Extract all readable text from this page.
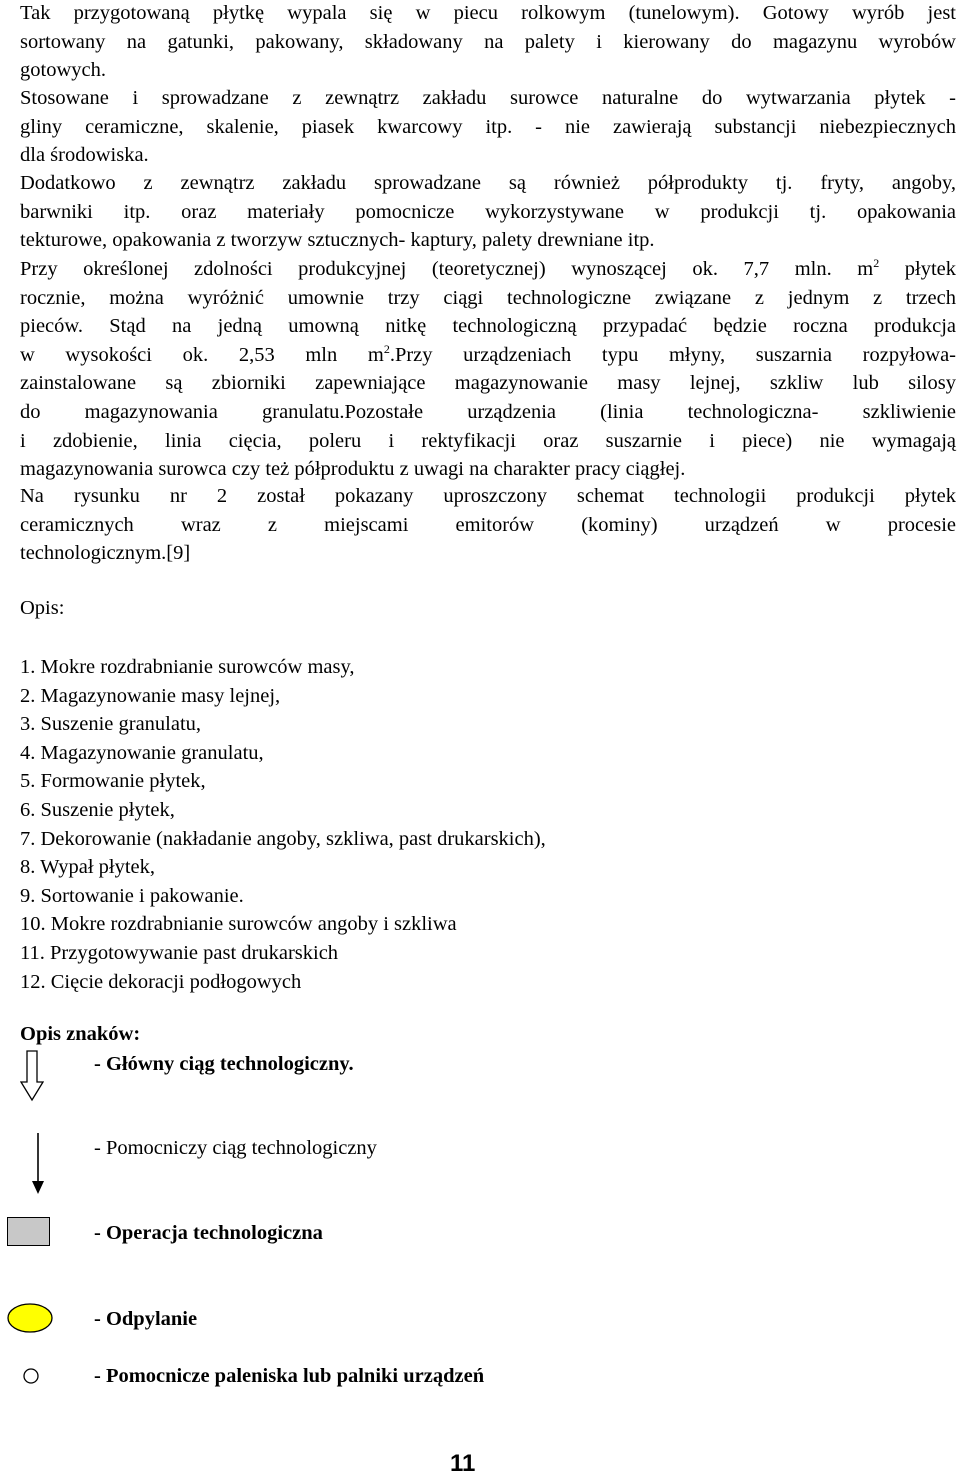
Tak przygotowaną płytkę wypala się w piecu rolkowym (tunelowym). Gotowy wyrób jest
sortowany na gatunki, pakowany, składowany na palety i kierowany do magazynu wyrobów
gotowych.

Stosowane i sprowadzane z zewnątrz zakładu surowce naturalne do wytwarzania płytek -
gliny ceramiczne, skalenie, piasek kwarcowy itp. - nie zawierają substancji niebezpiecznych
dla środowiska.

Dodatkowo z zewnątrz zakładu sprowadzane są również półprodukty tj. fryty, angoby,
barwniki itp. oraz materiały pomocnicze wykorzystywane w produkcji tj. opakowania
tekturowe, opakowania z tworzyw sztucznych- kaptury, palety drewniane itp.

Przy określonej zdolności produkcyjnej (teoretycznej) wynoszącej ok. 7,7 mln. $m^2$ płytek
rocznie, można wyróżnić umownie trzy ciągi technologiczne związane z jednym z trzech
pieców. Stąd na jedną umowną nitkę technologiczną przypadać będzie roczna produkcja
w wysokości ok. 2,53 mln $m^2.Przy$ urządzeniach typu młyny, suszarnia rozpyłowa-
zainstalowane są zbiorniki zapewniające magazynowanie masy lejnej, szkliw lub silosy
do magazynowania granulatu.Pozostałe urządzenia (linia technologiczna- szkliwienie
i zdobienie, linia cięcia, poleru i rektyfikacji oraz suszarnie i piece) nie wymagają
magazynowania surowca czy też półproduktu z uwagi na charakter pracy ciągłej.

Na rysunku nr 2 został pokazany uproszczony schemat technologii produkcji płytek
ceramicznych wraz z miejscami emitorów (kominy) urządzeń w procesie
technologicznym.[9]

Opis:

1. Mokre rozdrabnianie surowców masy,
2. Magazynowanie masy lejnej,
3. Suszenie granulatu,
4. Magazynowanie granulatu,
5. Formowanie płytek,
6. Suszenie płytek,
7. Dekorowanie (nakładanie angoby, szkliwa, past drukarskich),
8. Wypał płytek,
9. Sortowanie i pakowanie.
10. Mokre rozdrabnianie surowców angoby i szkliwa
11. Przygotowywanie past drukarskich
12. Cięcie dekoracji podłogowych

Opis znaków:

- Główny ciąg technologiczny.

- Pomocniczy ciąg technologiczny

- Operacja technologiczna

- Odpylanie

- Pomocnicze paleniska lub palniki urządzeń

11
